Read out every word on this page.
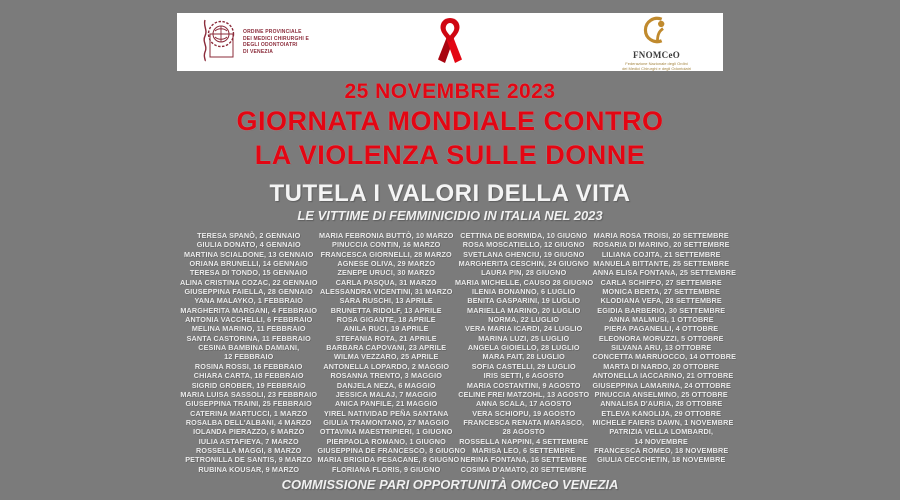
ORDINE PROVINCIALE
DEI MEDICI CHIRURGHI E
DEGLI ODONTOIATRI
DI VENEZIA	FNOMCeO
Federazione Nazionale degli Ordini
dei Medici Chirurghi e degli Odontoiatri
25 NOVEMBRE 2023
GIORNATA MONDIALE CONTRO
LA VIOLENZA SULLE DONNE
TUTELA I VALORI DELLA VITA
LE VITTIME DI FEMMINICIDIO IN ITALIA NEL 2023
TERESA SPANÒ, 2 GENNAIO
GIULIA DONATO, 4 GENNAIO
MARTINA SCIALDONE, 13 GENNAIO
ORIANA BRUNELLI, 14 GENNAIO
TERESA DI TONDO, 15 GENNAIO
ALINA CRISTINA COZAC, 22 GENNAIO
GIUSEPPINA FAIELLA, 28 GENNAIO
YANA MALAYKO, 1 FEBBRAIO
MARGHERITA MARGANI, 4 FEBBRAIO
ANTONIA VACCHELLI, 6 FEBBRAIO
MELINA MARINO, 11 FEBBRAIO
SANTA CASTORINA, 11 FEBBRAIO
CESINA BAMBINA DAMIANI,
12 FEBBRAIO
ROSINA ROSSI, 16 FEBBRAIO
CHIARA CARTA, 18 FEBBRAIO
SIGRID GROBER, 19 FEBBRAIO
MARIA LUISA SASSOLI, 23 FEBBRAIO
GIUSEPPINA TRAINI, 25 FEBBRAIO
CATERINA MARTUCCI, 1 MARZO
ROSALBA DELL'ALBANI, 4 MARZO
IOLANDA PIERAZZO, 6 MARZO
IULIA ASTAFIEYA, 7 MARZO
ROSSELLA MAGGI, 8 MARZO
PETRONILLA DE SANTIS, 9 MARZO
RUBINA KOUSAR, 9 MARZO
MARIA FEBRONIA BUTTÒ, 10 MARZO
PINUCCIA CONTIN, 16 MARZO
FRANCESCA GIORNELLI, 28 MARZO
AGNESE OLIVA, 29 MARZO
ZENEPE URUCI, 30 MARZO
CARLA PASQUA, 31 MARZO
ALESSANDRA VICENTINI, 31 MARZO
SARA RUSCHI, 13 APRILE
BRUNETTA RIDOLF, 13 APRILE
ROSA GIGANTE, 18 APRILE
ANILA RUCI, 19 APRILE
STEFANIA ROTA, 21 APRILE
BARBARA CAPOVANI, 23 APRILE
WILMA VEZZARO, 25 APRILE
ANTONELLA LOPARDO, 2 MAGGIO
ROSANNA TRENTO, 3 MAGGIO
DANJELA NEZA, 6 MAGGIO
JESSICA MALAJ, 7 MAGGIO
ANICA PANFILE, 21 MAGGIO
YIREL NATIVIDAD PEÑA SANTANA
GIULIA TRAMONTANO, 27 MAGGIO
OTTAVINA MAESTRIPIERI, 1 GIUGNO
PIERPAOLA ROMANO, 1 GIUGNO
GIUSEPPINA DE FRANCESCO, 8 GIUGNO
MARIA BRIGIDA PESACANE, 8 GIUGNO
FLORIANA FLORIS, 9 GIUGNO
CETTINA DE BORMIDA, 10 GIUGNO
ROSA MOSCATIELLO, 12 GIUGNO
SVETLANA GHENCIU, 19 GIUGNO
MARGHERITA CESCHIN, 24 GIUGNO
LAURA PIN, 28 GIUGNO
MARIA MICHELLE, CAUSO 28 GIUGNO
ILENIA BONANNO, 6 LUGLIO
BENITA GASPARINI, 19 LUGLIO
MARIELLA MARINO, 20 LUGLIO
NORMA, 22 LUGLIO
VERA MARIA ICARDI, 24 LUGLIO
MARINA LUZI, 25 LUGLIO
ANGELA GIOIELLO, 28 LUGLIO
MARA FAIT, 28 LUGLIO
SOFIA CASTELLI, 29 LUGLIO
IRIS SETTI, 6 AGOSTO
MARIA COSTANTINI, 9 AGOSTO
CELINE FREI MATZOHL, 13 AGOSTO
ANNA SCALA, 17 AGOSTO
VERA SCHIOPU, 19 AGOSTO
FRANCESCA RENATA MARASCO,
28 AGOSTO
ROSSELLA NAPPINI, 4 SETTEMBRE
MARISA LEO, 6 SETTEMBRE
NERINA FONTANA, 16 SETTEMBRE
COSIMA D'AMATO, 20 SETTEMBRE
MARIA ROSA TROISI, 20 SETTEMBRE
ROSARIA DI MARINO, 20 SETTEMBRE
LILIANA COJITA, 21 SETTEMBRE
MANUELA BITTANTE, 25 SETTEMBRE
ANNA ELISA FONTANA, 25 SETTEMBRE
CARLA SCHIFFO, 27 SETTEMBRE
MONICA BERTA, 27 SETTEMBRE
KLODIANA VEFA, 28 SETTEMBRE
EGIDIA BARBERIO, 30 SETTEMBRE
ANNA MALMUSI, 1 OTTOBRE
PIERA PAGANELLI, 4 OTTOBRE
ELEONORA MORUZZI, 5 OTTOBRE
SILVANA ARU, 13 OTTOBRE
CONCETTA MARRUOCCO, 14 OTTOBRE
MARTA DI NARDO, 20 OTTOBRE
ANTONELLA IACCARINO, 21 OTTOBRE
GIUSEPPINA LAMARINA, 24 OTTOBRE
PINUCCIA ANSELMINO, 25 OTTOBRE
ANNALISA D'AURIA, 28 OTTOBRE
ETLEVA KANOLIJA, 29 OTTOBRE
MICHELE FAIERS DAWN, 1 NOVEMBRE
PATRIZIA VELLA LOMBARDI,
14 NOVEMBRE
FRANCESCA ROMEO, 18 NOVEMBRE
GIULIA CECCHETIN, 18 NOVEMBRE
COMMISSIONE PARI OPPORTUNITÀ OMCeO VENEZIA
